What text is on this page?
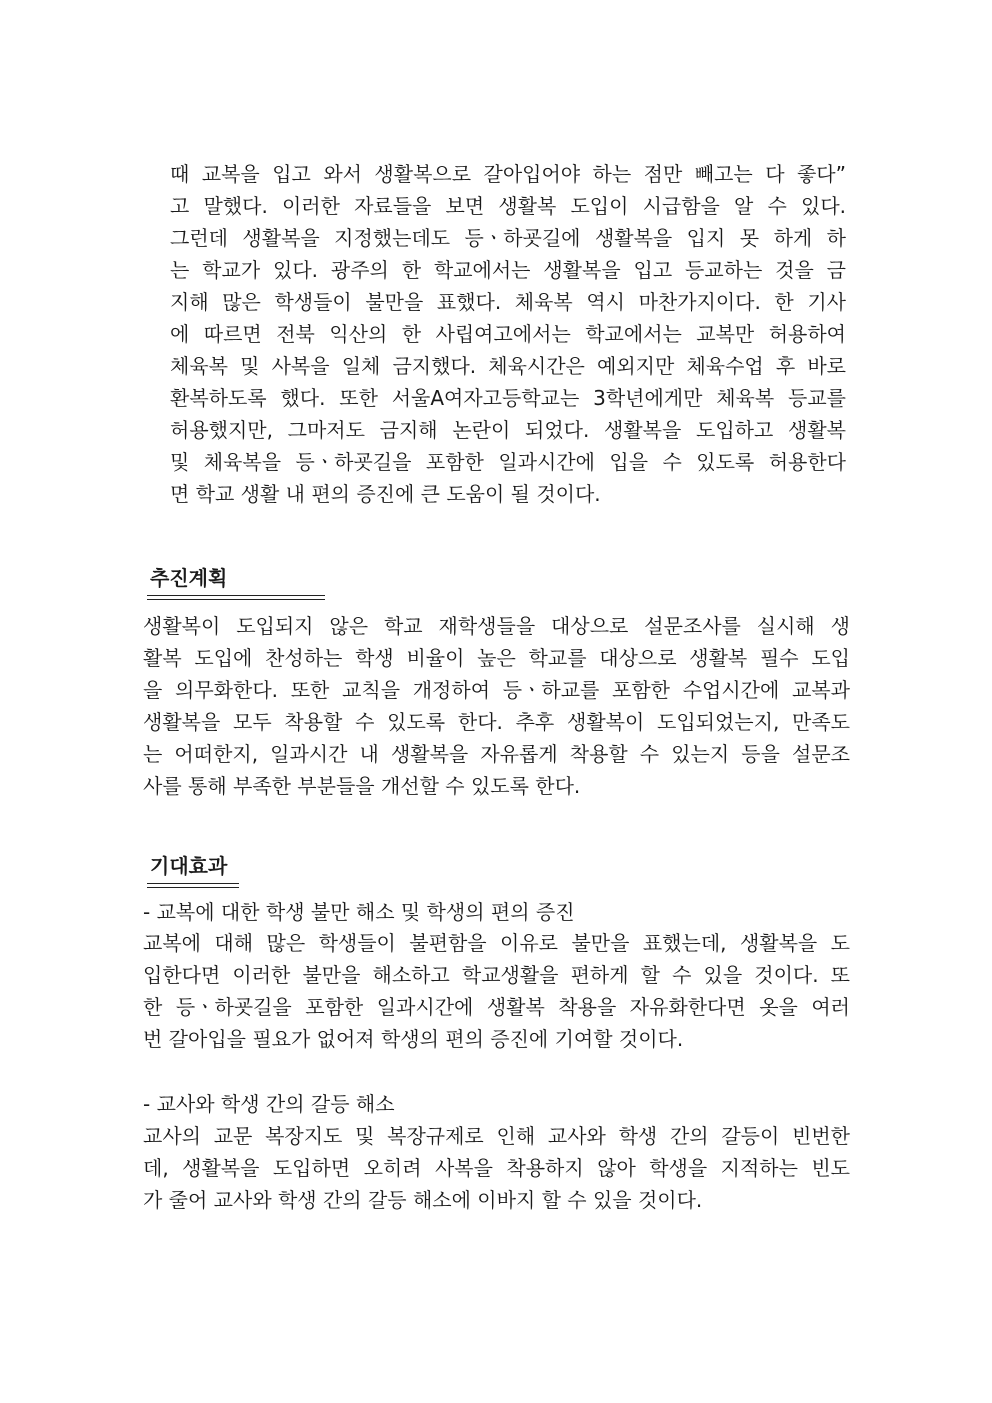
때 교복을 입고 와서 생활복으로 갈아입어야 하는 점만 빼고는 다 좋다”
고 말했다. 이러한 자료들을 보면 생활복 도입이 시급함을 알 수 있다.
그런데 생활복을 지정했는데도 등ㆍ하굣길에 생활복을 입지 못 하게 하
는 학교가 있다. 광주의 한 학교에서는 생활복을 입고 등교하는 것을 금
지해 많은 학생들이 불만을 표했다. 체육복 역시 마찬가지이다. 한 기사
에 따르면 전북 익산의 한 사립여고에서는 학교에서는 교복만 허용하여
체육복 및 사복을 일체 금지했다. 체육시간은 예외지만 체육수업 후 바로
환복하도록 했다. 또한 서울A여자고등학교는 3학년에게만 체육복 등교를
허용했지만, 그마저도 금지해 논란이 되었다. 생활복을 도입하고 생활복
및 체육복을 등ㆍ하굣길을 포함한 일과시간에 입을 수 있도록 허용한다
면 학교 생활 내 편의 증진에 큰 도움이 될 것이다.
추진계획
생활복이 도입되지 않은 학교 재학생들을 대상으로 설문조사를 실시해 생
활복 도입에 찬성하는 학생 비율이 높은 학교를 대상으로 생활복 필수 도입
을 의무화한다. 또한 교칙을 개정하여 등ㆍ하교를 포함한 수업시간에 교복과
생활복을 모두 착용할 수 있도록 한다. 추후 생활복이 도입되었는지, 만족도
는 어떠한지, 일과시간 내 생활복을 자유롭게 착용할 수 있는지 등을 설문조
사를 통해 부족한 부분들을 개선할 수 있도록 한다.
기대효과
- 교복에 대한 학생 불만 해소 및 학생의 편의 증진
교복에 대해 많은 학생들이 불편함을 이유로 불만을 표했는데, 생활복을 도
입한다면 이러한 불만을 해소하고 학교생활을 편하게 할 수 있을 것이다. 또
한 등ㆍ하굣길을 포함한 일과시간에 생활복 착용을 자유화한다면 옷을 여러
번 갈아입을 필요가 없어져 학생의 편의 증진에 기여할 것이다.
- 교사와 학생 간의 갈등 해소
교사의 교문 복장지도 및 복장규제로 인해 교사와 학생 간의 갈등이 빈번한
데, 생활복을 도입하면 오히려 사복을 착용하지 않아 학생을 지적하는 빈도
가 줄어 교사와 학생 간의 갈등 해소에 이바지 할 수 있을 것이다.
